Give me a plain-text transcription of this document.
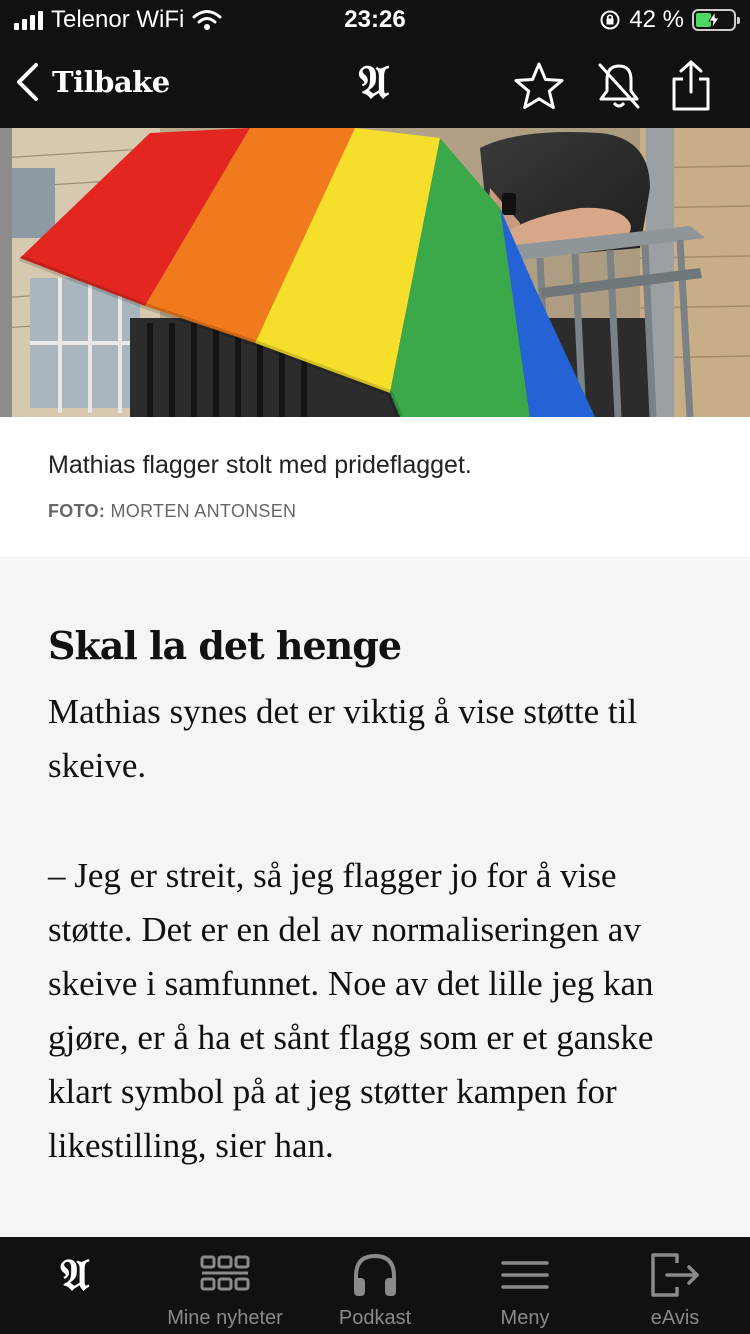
Telenor WiFi	23:26	42 %
Tilbake	𝔄
Mathias flagger stolt med prideflagget.
FOTO: MORTEN ANTONSEN
Skal la det henge

Mathias synes det er viktig å vise støtte til skeive.

– Jeg er streit, så jeg flagger jo for å vise støtte. Det er en del av normaliseringen av skeive i samfunnet. Noe av det lille jeg kan gjøre, er å ha et sånt flagg som er et ganske klart symbol på at jeg støtter kampen for likestilling, sier han.

𝔄
Mine nyheter	Podkast	Meny	eAvis
